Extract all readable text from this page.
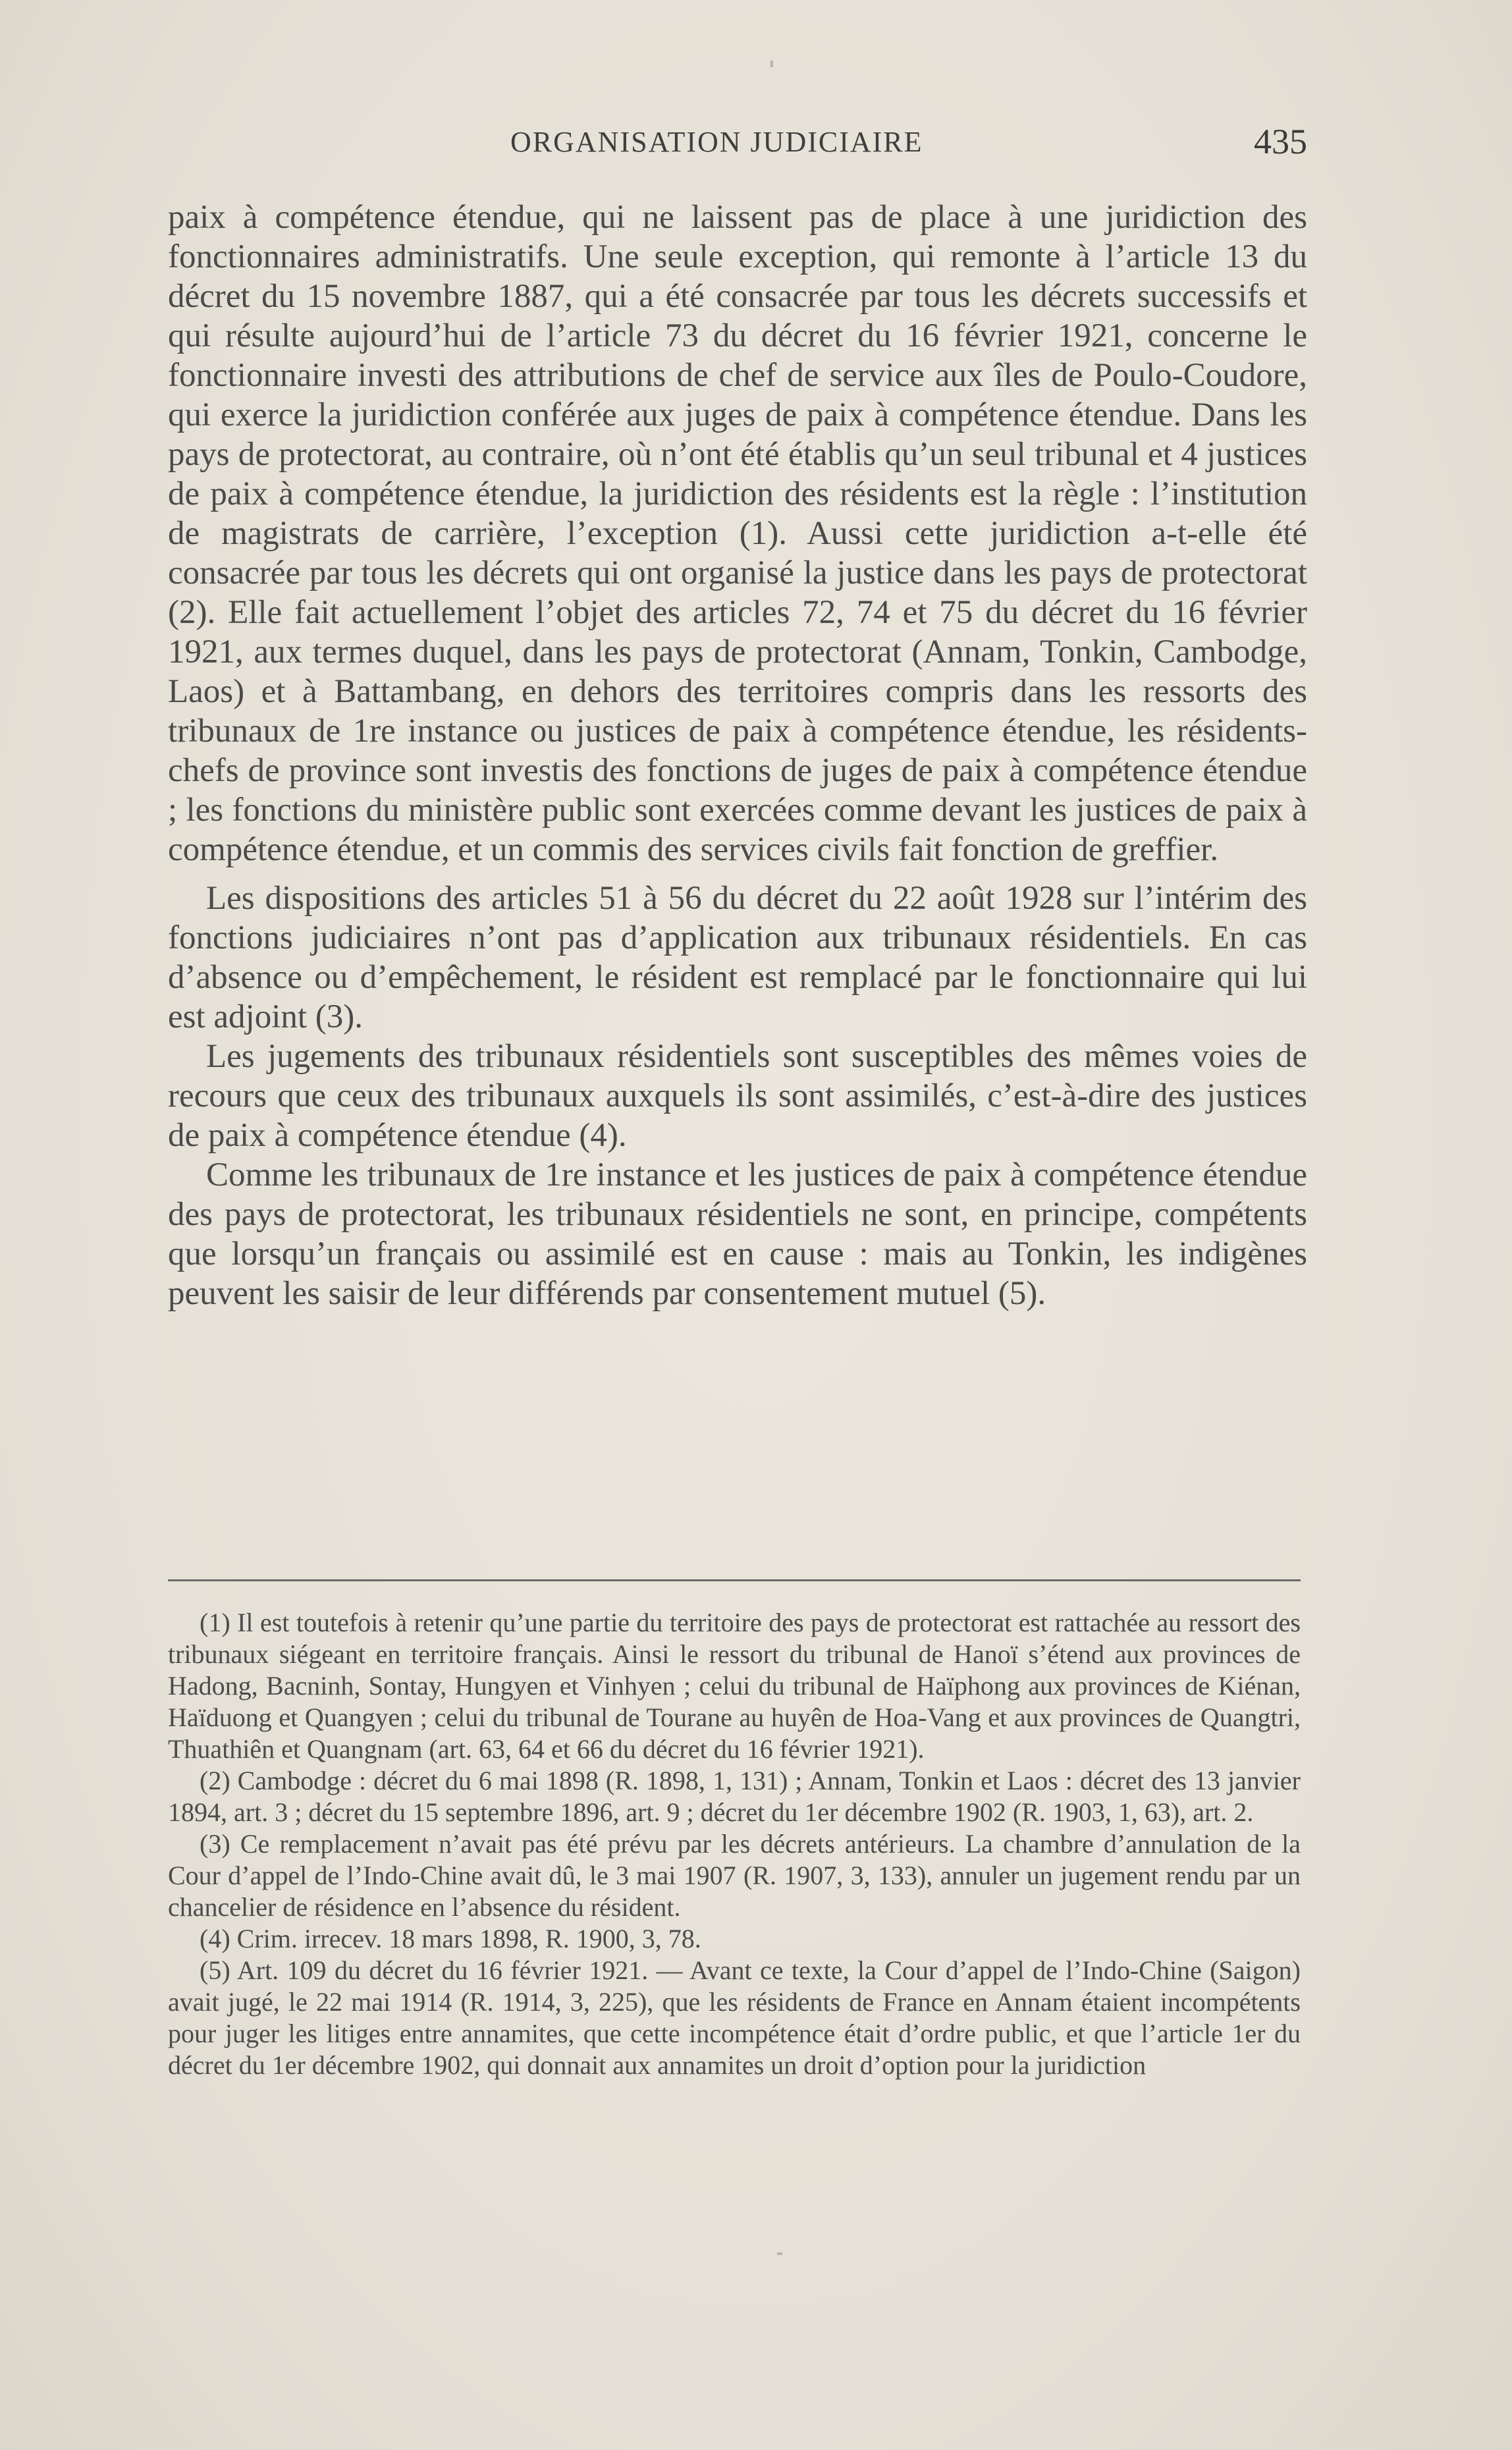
ORGANISATION JUDICIAIRE	435

paix à compétence étendue, qui ne laissent pas de place à une juridiction des fonctionnaires administratifs. Une seule exception, qui remonte à l’article 13 du décret du 15 novembre 1887, qui a été consacrée par tous les décrets successifs et qui résulte aujourd’hui de l’article 73 du décret du 16 février 1921, concerne le fonctionnaire investi des attributions de chef de service aux îles de Poulo-Coudore, qui exerce la juridiction conférée aux juges de paix à compétence étendue. Dans les pays de protectorat, au contraire, où n’ont été établis qu’un seul tribunal et 4 justices de paix à compétence étendue, la juridiction des résidents est la règle : l’institution de magistrats de carrière, l’exception (1). Aussi cette juridiction a-t-elle été consacrée par tous les décrets qui ont organisé la justice dans les pays de protectorat (2). Elle fait actuellement l’objet des articles 72, 74 et 75 du décret du 16 février 1921, aux termes duquel, dans les pays de protectorat (Annam, Tonkin, Cambodge, Laos) et à Battambang, en dehors des territoires compris dans les ressorts des tribunaux de 1re instance ou justices de paix à compétence étendue, les résidents-chefs de province sont investis des fonctions de juges de paix à compétence étendue ; les fonctions du ministère public sont exercées comme devant les justices de paix à compétence étendue, et un commis des services civils fait fonction de greffier.

Les dispositions des articles 51 à 56 du décret du 22 août 1928 sur l’intérim des fonctions judiciaires n’ont pas d’application aux tribunaux résidentiels. En cas d’absence ou d’empêchement, le résident est remplacé par le fonctionnaire qui lui est adjoint (3).

Les jugements des tribunaux résidentiels sont susceptibles des mêmes voies de recours que ceux des tribunaux auxquels ils sont assimilés, c’est-à-dire des justices de paix à compétence étendue (4).

Comme les tribunaux de 1re instance et les justices de paix à compétence étendue des pays de protectorat, les tribunaux résidentiels ne sont, en principe, compétents que lorsqu’un français ou assimilé est en cause : mais au Tonkin, les indigènes peuvent les saisir de leur différends par consentement mutuel (5).

(1) Il est toutefois à retenir qu’une partie du territoire des pays de protectorat est rattachée au ressort des tribunaux siégeant en territoire français. Ainsi le ressort du tribunal de Hanoï s’étend aux provinces de Hadong, Bacninh, Sontay, Hungyen et Vinhyen ; celui du tribunal de Haïphong aux provinces de Kiénan, Haïduong et Quangyen ; celui du tribunal de Tourane au huyên de Hoa-Vang et aux provinces de Quangtri, Thuathiên et Quangnam (art. 63, 64 et 66 du décret du 16 février 1921).

(2) Cambodge : décret du 6 mai 1898 (R. 1898, 1, 131) ; Annam, Tonkin et Laos : décret des 13 janvier 1894, art. 3 ; décret du 15 septembre 1896, art. 9 ; décret du 1er décembre 1902 (R. 1903, 1, 63), art. 2.

(3) Ce remplacement n’avait pas été prévu par les décrets antérieurs. La chambre d’annulation de la Cour d’appel de l’Indo-Chine avait dû, le 3 mai 1907 (R. 1907, 3, 133), annuler un jugement rendu par un chancelier de résidence en l’absence du résident.

(4) Crim. irrecev. 18 mars 1898, R. 1900, 3, 78.

(5) Art. 109 du décret du 16 février 1921. — Avant ce texte, la Cour d’appel de l’Indo-Chine (Saigon) avait jugé, le 22 mai 1914 (R. 1914, 3, 225), que les résidents de France en Annam étaient incompétents pour juger les litiges entre annamites, que cette incompétence était d’ordre public, et que l’article 1er du décret du 1er décembre 1902, qui donnait aux annamites un droit d’option pour la juridiction
